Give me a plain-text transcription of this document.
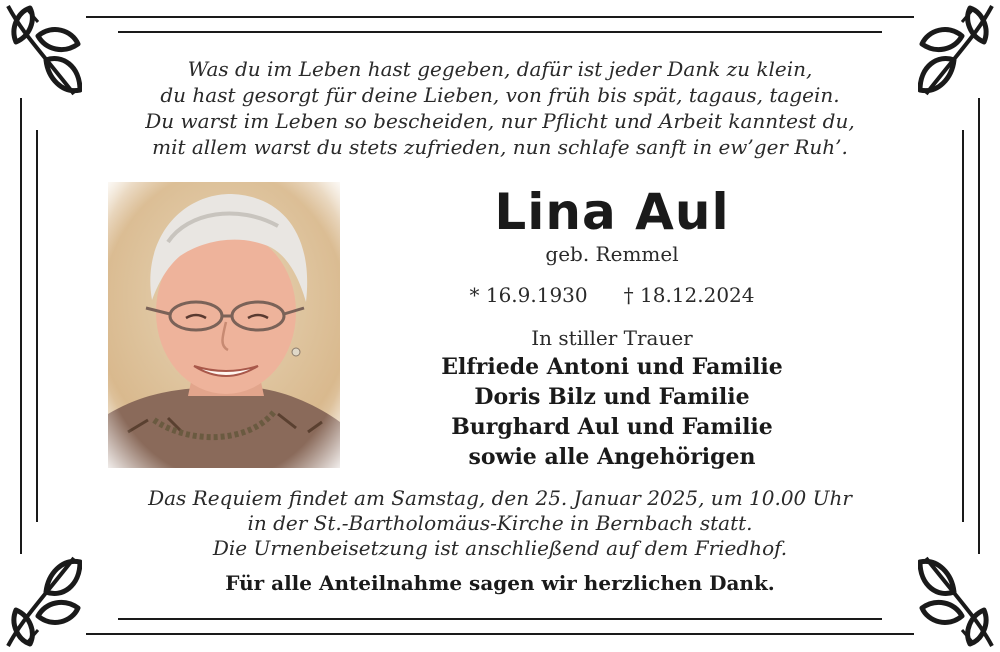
Was du im Leben hast gegeben, dafür ist jeder Dank zu klein,
du hast gesorgt für deine Lieben, von früh bis spät, tagaus, tagein.
Du warst im Leben so bescheiden, nur Pflicht und Arbeit kanntest du,
mit allem warst du stets zufrieden, nun schlafe sanft in ew’ger Ruh’.
Lina Aul
geb. Remmel
* 16.9.1930 † 18.12.2024
In stiller Trauer
Elfriede Antoni und Familie
Doris Bilz und Familie
Burghard Aul und Familie
sowie alle Angehörigen
Das Requiem findet am Samstag, den 25. Januar 2025, um 10.00 Uhr
in der St.-Bartholomäus-Kirche in Bernbach statt.
Die Urnenbeisetzung ist anschließend auf dem Friedhof.
Für alle Anteilnahme sagen wir herzlichen Dank.
